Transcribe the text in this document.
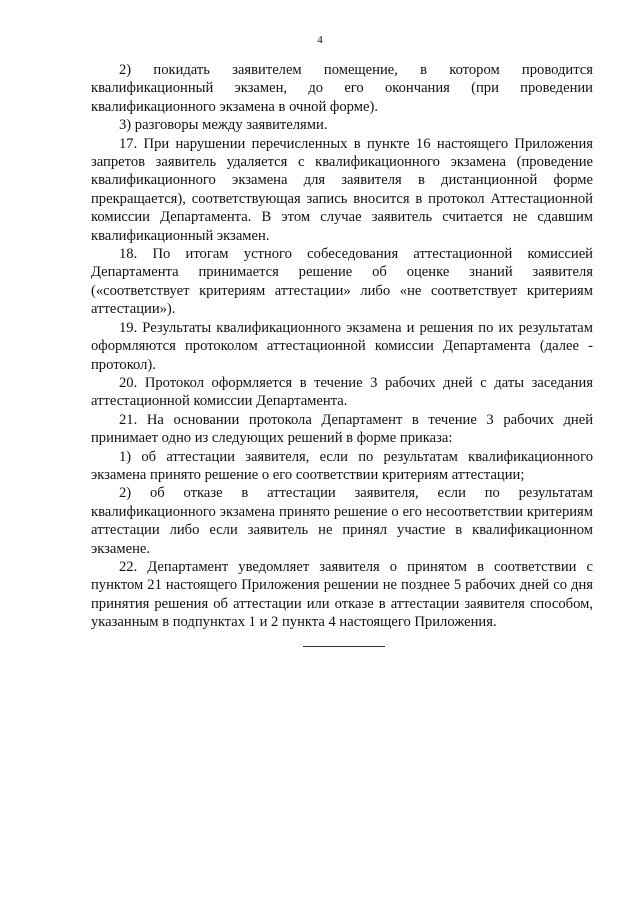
4

2) покидать заявителем помещение, в котором проводится квалификационный экзамен, до его окончания (при проведении квалификационного экзамена в очной форме).

3) разговоры между заявителями.

17. При нарушении перечисленных в пункте 16 настоящего Приложения запретов заявитель удаляется с квалификационного экзамена (проведение квалификационного экзамена для заявителя в дистанционной форме прекращается), соответствующая запись вносится в протокол Аттестационной комиссии Департамента. В этом случае заявитель считается не сдавшим квалификационный экзамен.

18. По итогам устного собеседования аттестационной комиссией Департамента принимается решение об оценке знаний заявителя («соответствует критериям аттестации» либо «не соответствует критериям аттестации»).

19. Результаты квалификационного экзамена и решения по их результатам оформляются протоколом аттестационной комиссии Департамента (далее - протокол).

20. Протокол оформляется в течение 3 рабочих дней с даты заседания аттестационной комиссии Департамента.

21. На основании протокола Департамент в течение 3 рабочих дней принимает одно из следующих решений в форме приказа:

1) об аттестации заявителя, если по результатам квалификационного экзамена принято решение о его соответствии критериям аттестации;

2) об отказе в аттестации заявителя, если по результатам квалификационного экзамена принято решение о его несоответствии критериям аттестации либо если заявитель не принял участие в квалификационном экзамене.

22. Департамент уведомляет заявителя о принятом в соответствии с пунктом 21 настоящего Приложения решении не позднее 5 рабочих дней со дня принятия решения об аттестации или отказе в аттестации заявителя способом, указанным в подпунктах 1 и 2 пункта 4 настоящего Приложения.
